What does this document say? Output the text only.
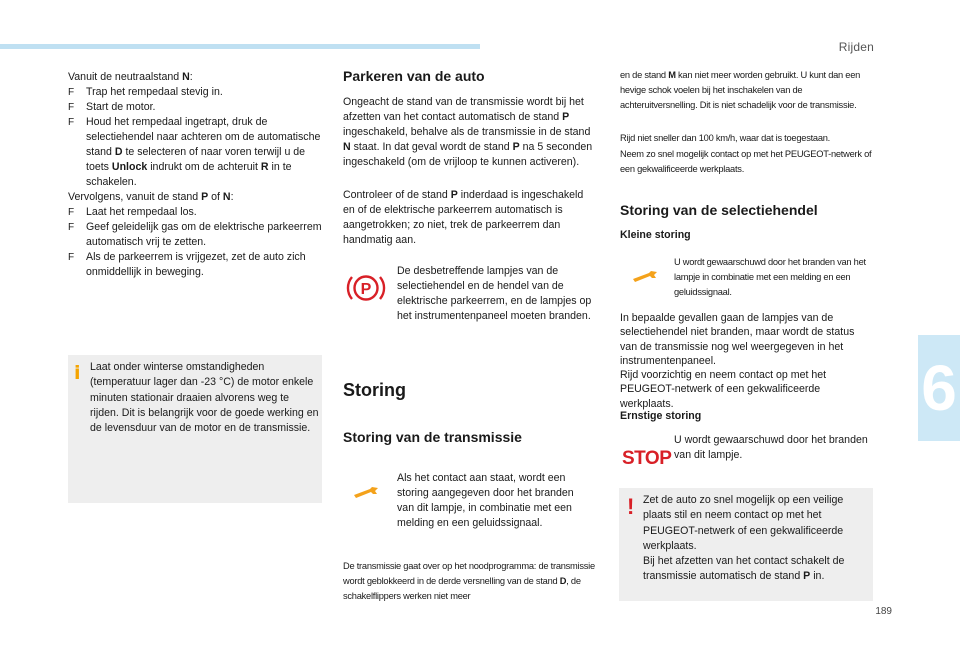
Rijden
6
Vanuit de neutraalstand N:
F Trap het rempedaal stevig in.
F Start de motor.
F Houd het rempedaal ingetrapt, druk de selectiehendel naar achteren om de automatische stand D te selecteren of naar voren terwijl u de toets Unlock indrukt om de achteruit R in te schakelen.
Vervolgens, vanuit de stand P of N:
F Laat het rempedaal los.
F Geef geleidelijk gas om de elektrische parkeerrem automatisch vrij te zetten.
F Als de parkeerrem is vrijgezet, zet de auto zich onmiddellijk in beweging.
i Laat onder winterse omstandigheden (temperatuur lager dan -23 °C) de motor enkele minuten stationair draaien alvorens weg te rijden. Dit is belangrijk voor de goede werking en de levensduur van de motor en de transmissie.
Parkeren van de auto
Ongeacht de stand van de transmissie wordt bij het afzetten van het contact automatisch de stand P ingeschakeld, behalve als de transmissie in de stand N staat. In dat geval wordt de stand P na 5 seconden ingeschakeld (om de vrijloop te kunnen activeren).
Controleer of de stand P inderdaad is ingeschakeld en of de elektrische parkeerrem automatisch is aangetrokken; zo niet, trek de parkeerrem dan handmatig aan.
P
De desbetreffende lampjes van de selectiehendel en de hendel van de elektrische parkeerrem, en de lampjes op het instrumentenpaneel moeten branden.
Storing
Storing van de transmissie
Als het contact aan staat, wordt een storing aangegeven door het branden van dit lampje, in combinatie met een melding en een geluidssignaal.
De transmissie gaat over op het noodprogramma: de transmissie wordt geblokkeerd in de derde versnelling van de stand D, de schakelflippers werken niet meer
en de stand M kan niet meer worden gebruikt. U kunt dan een hevige schok voelen bij het inschakelen van de achteruitversnelling. Dit is niet schadelijk voor de transmissie.
Rijd niet sneller dan 100 km/h, waar dat is toegestaan.
Neem zo snel mogelijk contact op met het PEUGEOT-netwerk of een gekwalificeerde werkplaats.
Storing van de selectiehendel
Kleine storing
U wordt gewaarschuwd door het branden van het lampje in combinatie met een melding en een geluidssignaal.
In bepaalde gevallen gaan de lampjes van de selectiehendel niet branden, maar wordt de status van de transmissie nog wel weergegeven in het instrumentenpaneel.
Rijd voorzichtig en neem contact op met het PEUGEOT-netwerk of een gekwalificeerde werkplaats.
Ernstige storing
STOP
U wordt gewaarschuwd door het branden van dit lampje.
! Zet de auto zo snel mogelijk op een veilige plaats stil en neem contact op met het PEUGEOT-netwerk of een gekwalificeerde werkplaats.
Bij het afzetten van het contact schakelt de transmissie automatisch de stand P in.
189
